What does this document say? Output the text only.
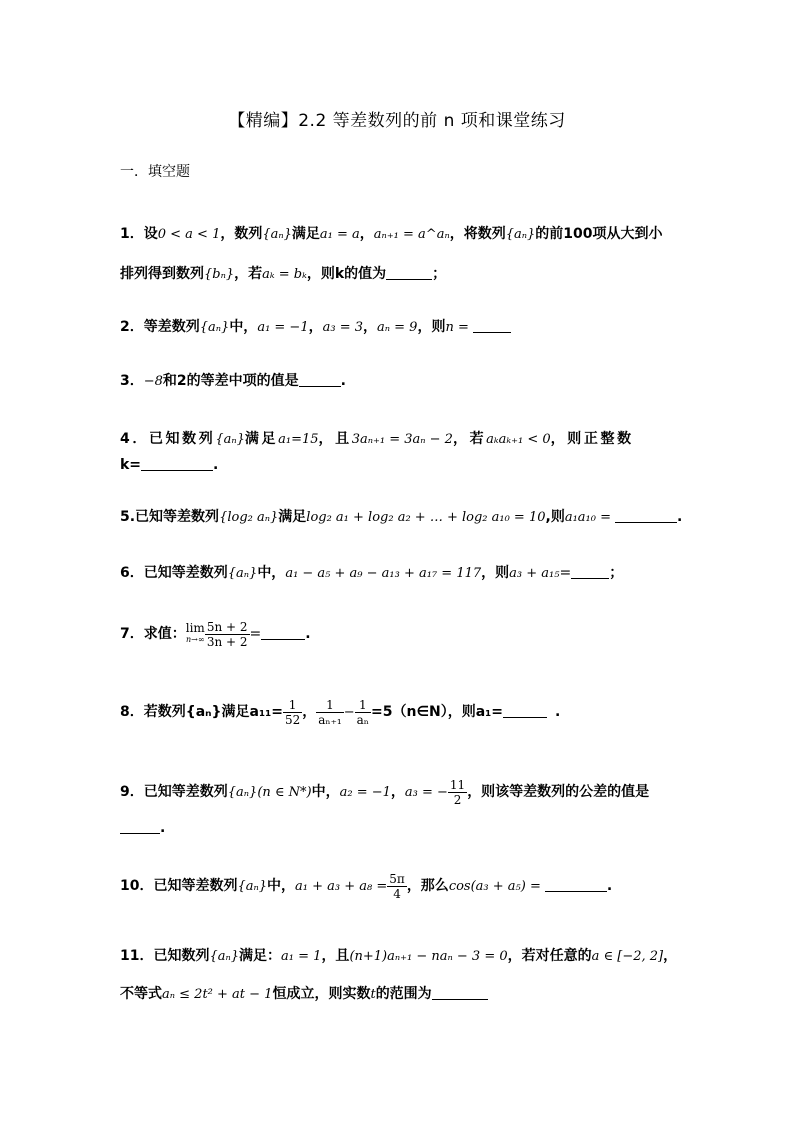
【精编】2.2 等差数列的前 n 项和课堂练习
一．填空题
1．设0 < a < 1，数列{aₙ}满足a₁ = a，aₙ₊₁ = a^aₙ，将数列{aₙ}的前100项从大到小
排列得到数列{bₙ}，若aₖ = bₖ，则k的值为	；
2．等差数列{aₙ}中，a₁ = −1，a₃ = 3，aₙ = 9，则n =
3．−8和2的等差中项的值是	.
4．已知数列{aₙ}满足a₁=15，且3aₙ₊₁ = 3aₙ − 2，若aₖaₖ₊₁ < 0，则正整数
k=	.
5.已知等差数列{log₂ aₙ}满足log₂ a₁ + log₂ a₂ + … + log₂ a₁₀ = 10,则a₁a₁₀ =	.
6．已知等差数列{aₙ}中，a₁ − a₅ + a₉ − a₁₃ + a₁₇ = 117，则a₃ + a₁₅=	；
7．求值：lim
$n\to\infty \frac{5n + 2}{3n + 2}$ =	.
8．若数列{aₙ}满足$a_{11}= \frac{1}{52}$ ， $\frac{1}{\text{aₙ₊₁}} - \frac{1}{\text{aₙ}}$ =5（n∈N），则a₁=	.
9．已知等差数列{aₙ}(n ∈ N*)中，a₂ = −1，a₃ = − $\frac{11}{2}$ ，则该等差数列的公差的值是
.
10．已知等差数列{aₙ}中，$a_1 + a_3 + a_8 = \frac{5\pi}{4}$ ，那么cos(a₃ + a₅) =	.
11．已知数列{aₙ}满足：a₁ = 1，且(n+1)aₙ₊₁ − naₙ − 3 = 0，若对任意的a ∈ [−2, 2]，
不等式aₙ ≤ 2t² + at − 1恒成立，则实数t的范围为
